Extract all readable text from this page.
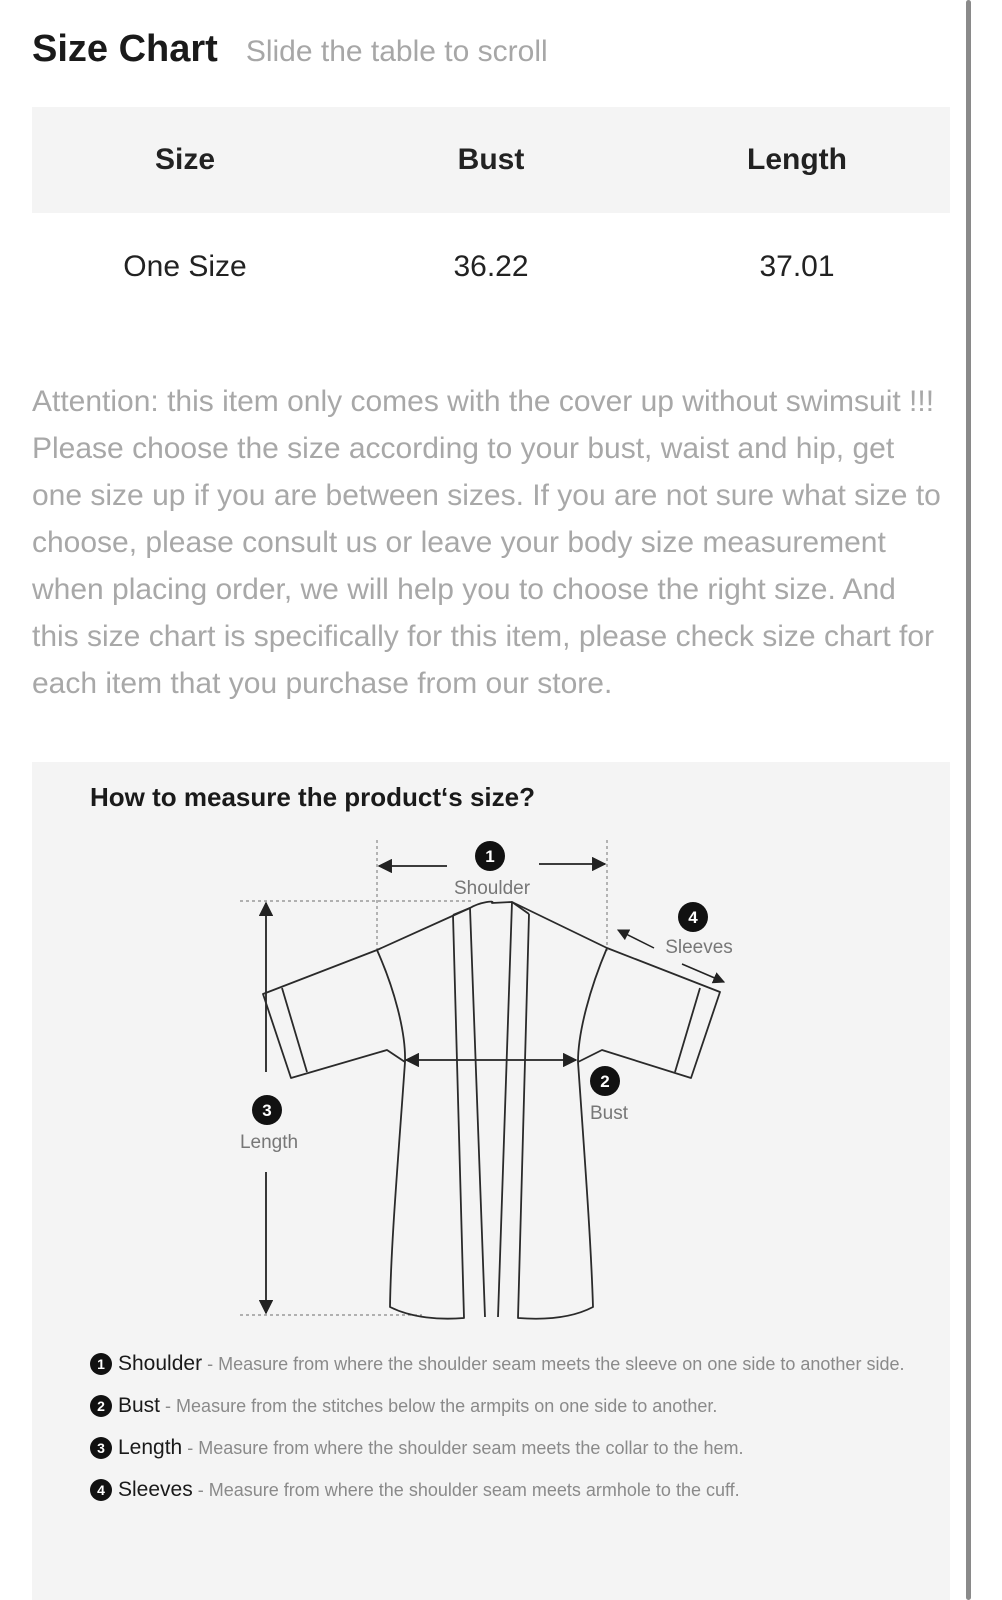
Size Chart Slide the table to scroll
Size	Bust	Length
One Size	36.22	37.01

Attention: this item only comes with the cover up without swimsuit !!! Please choose the size according to your bust, waist and hip, get one size up if you are between sizes. If you are not sure what size to choose, please consult us or leave your body size measurement when placing order, we will help you to choose the right size. And this size chart is specifically for this item, please check size chart for each item that you purchase from our store.

How to measure the product‘s size?
1
Shoulder
4
Sleeves
2
Bust
3
Length
1 Shoulder - Measure from where the shoulder seam meets the sleeve on one side to another side.
2 Bust - Measure from the stitches below the armpits on one side to another.
3 Length - Measure from where the shoulder seam meets the collar to the hem.
4 Sleeves - Measure from where the shoulder seam meets armhole to the cuff.
